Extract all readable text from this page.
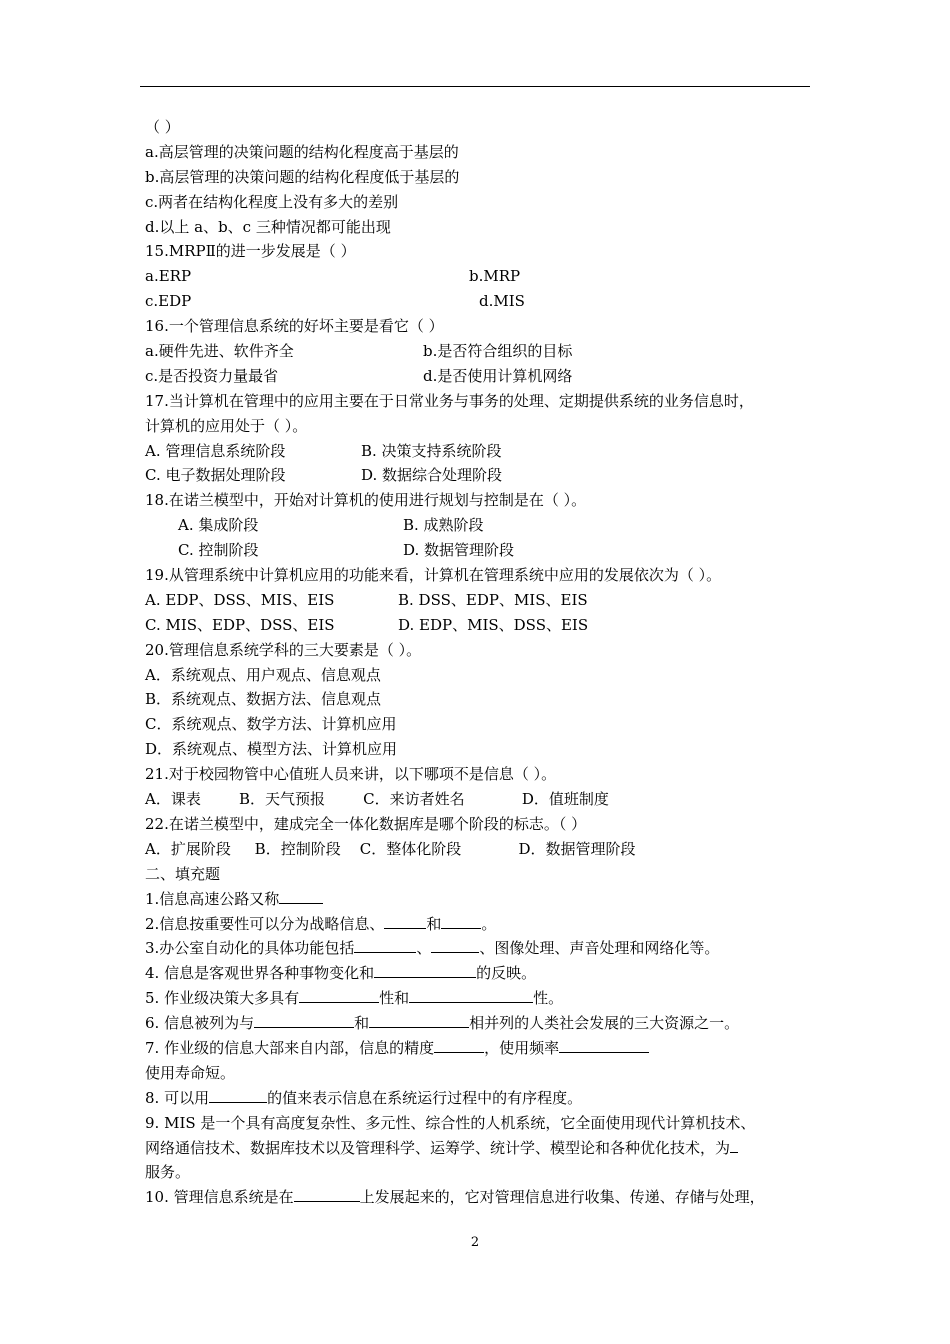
（ ）
a.高层管理的决策问题的结构化程度高于基层的
b.高层管理的决策问题的结构化程度低于基层的
c.两者在结构化程度上没有多大的差别
d.以上 a、b、c 三种情况都可能出现
15.MRPⅡ的进一步发展是（ ）
a.ERP	b.MRP
c.EDP	d.MIS
16.一个管理信息系统的好坏主要是看它（ ）
a.硬件先进、软件齐全	b.是否符合组织的目标
c.是否投资力量最省	d.是否使用计算机网络
17.当计算机在管理中的应用主要在于日常业务与事务的处理、定期提供系统的业务信息时，
计算机的应用处于（ ）。
A. 管理信息系统阶段	B. 决策支持系统阶段
C. 电子数据处理阶段	D. 数据综合处理阶段
18.在诺兰模型中，开始对计算机的使用进行规划与控制是在（ ）。
A. 集成阶段	B. 成熟阶段
C. 控制阶段	D. 数据管理阶段
19.从管理系统中计算机应用的功能来看，计算机在管理系统中应用的发展依次为（ ）。
A. EDP、DSS、MIS、EIS	B. DSS、EDP、MIS、EIS
C. MIS、EDP、DSS、EIS	D. EDP、MIS、DSS、EIS
20.管理信息系统学科的三大要素是（ ）。
A．系统观点、用户观点、信息观点
B．系统观点、数据方法、信息观点
C．系统观点、数学方法、计算机应用
D．系统观点、模型方法、计算机应用
21.对于校园物管中心值班人员来讲，以下哪项不是信息（ ）。
A．课表        B．天气预报        C．来访者姓名            D．值班制度
22.在诺兰模型中，建成完全一体化数据库是哪个阶段的标志。（ ）
A．扩展阶段     B．控制阶段    C．整体化阶段            D．数据管理阶段
二、填充题
1.信息高速公路又称
2.信息按重要性可以分为战略信息、	和	。
3.办公室自动化的具体功能包括	、	、图像处理、声音处理和网络化等。
4. 信息是客观世界各种事物变化和	的反映。
5. 作业级决策大多具有	性和	性。
6. 信息被列为与	和	相并列的人类社会发展的三大资源之一。
7. 作业级的信息大部来自内部，信息的精度	，使用频率
使用寿命短。
8. 可以用	的值来表示信息在系统运行过程中的有序程度。
9. MIS 是一个具有高度复杂性、多元性、综合性的人机系统，它全面使用现代计算机技术、
网络通信技术、数据库技术以及管理科学、运筹学、统计学、模型论和各种优化技术，为
服务。
10. 管理信息系统是在	上发展起来的，它对管理信息进行收集、传递、存储与处理，
2
